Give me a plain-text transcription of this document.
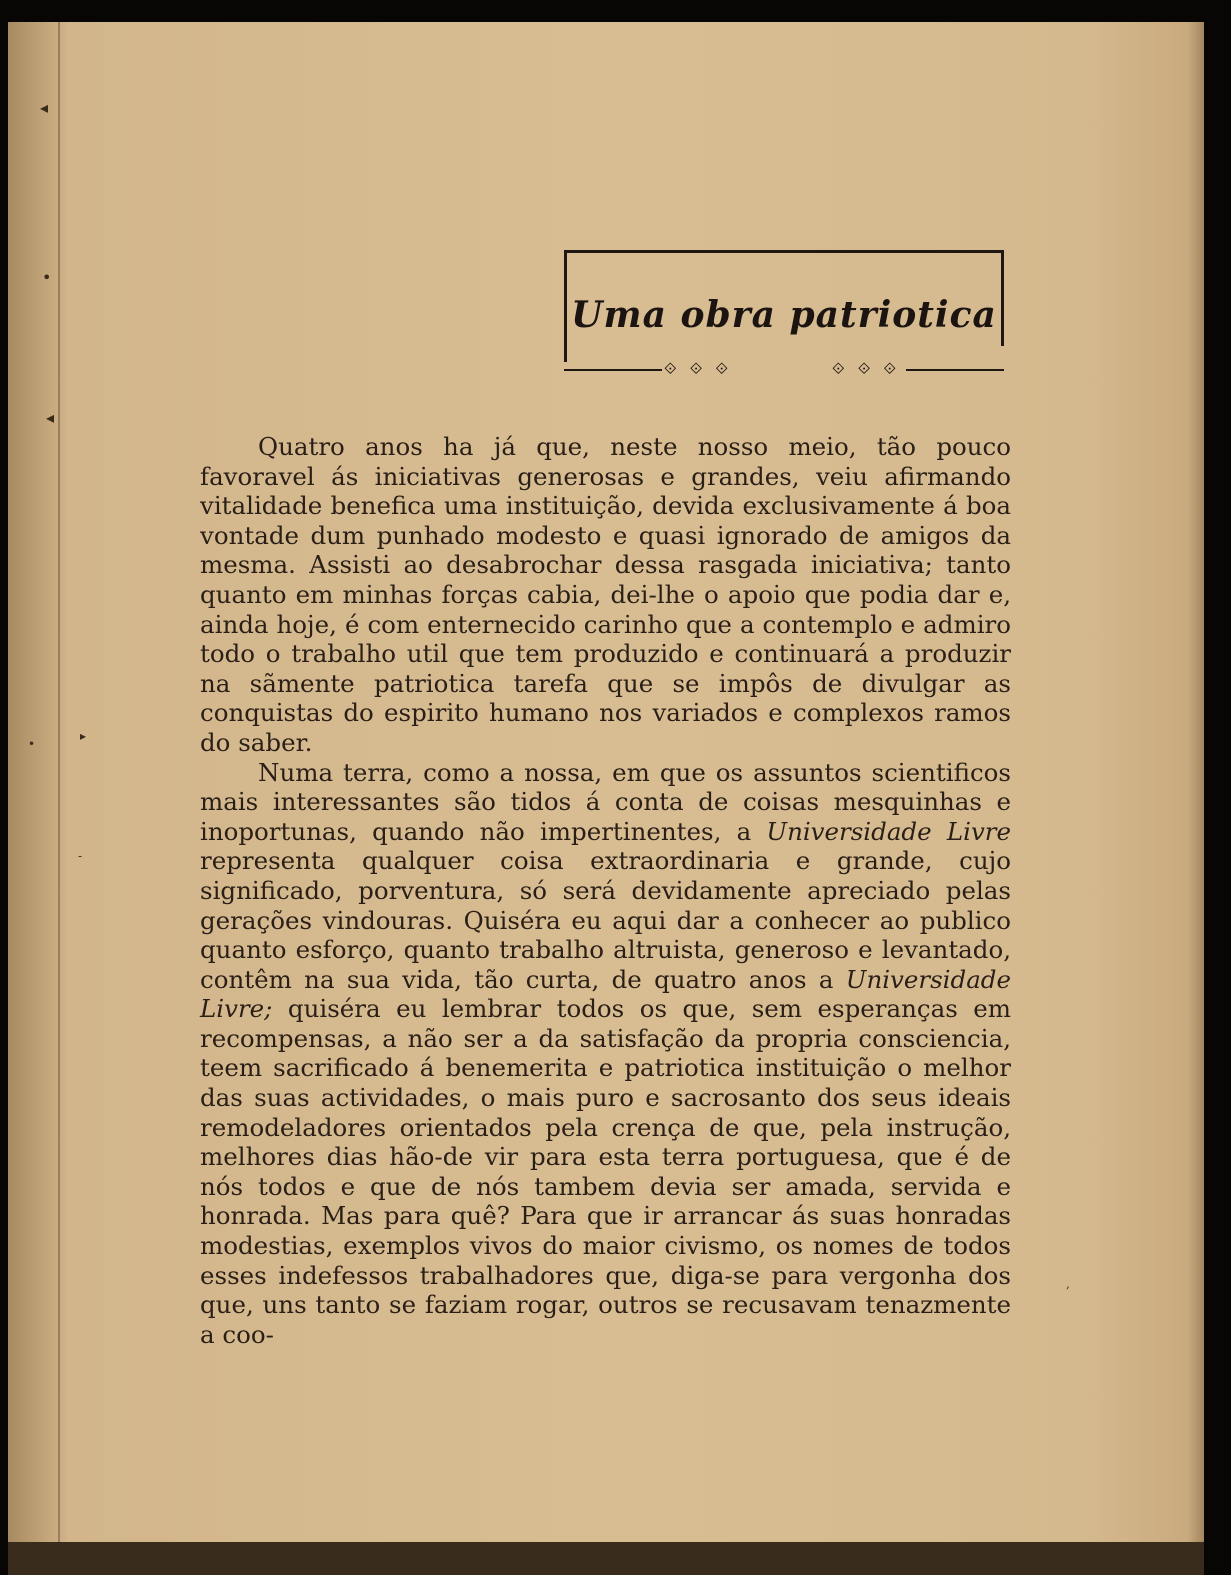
◂
•
◂
▸
•
-
,
Uma obra patriotica
⟐ ⟐ ⟐	⟐ ⟐ ⟐

Quatro anos ha já que, neste nosso meio, tão pouco favoravel ás iniciativas generosas e grandes, veiu afirmando vitalidade benefica uma instituição, devida exclusivamente á boa vontade dum punhado modesto e quasi ignorado de amigos da mesma. Assisti ao desabrochar dessa rasgada iniciativa; tanto quanto em minhas forças cabia, dei-lhe o apoio que podia dar e, ainda hoje, é com enternecido carinho que a contemplo e admiro todo o trabalho util que tem produzido e continuará a produzir na sãmente patriotica tarefa que se impôs de divulgar as conquistas do espirito humano nos variados e complexos ramos do saber.

Numa terra, como a nossa, em que os assuntos scientificos mais interessantes são tidos á conta de coisas mesquinhas e inoportunas, quando não impertinentes, a Universidade Livre representa qualquer coisa extraordinaria e grande, cujo significado, porventura, só será devidamente apreciado pelas gerações vindouras. Quiséra eu aqui dar a conhecer ao publico quanto esforço, quanto trabalho altruista, generoso e levantado, contêm na sua vida, tão curta, de quatro anos a Universidade Livre; quiséra eu lembrar todos os que, sem esperanças em recompensas, a não ser a da satisfação da propria consciencia, teem sacrificado á benemerita e patriotica instituição o melhor das suas actividades, o mais puro e sacrosanto dos seus ideais remodeladores orientados pela crença de que, pela instrução, melhores dias hão-de vir para esta terra portuguesa, que é de nós todos e que de nós tambem devia ser amada, servida e honrada. Mas para quê? Para que ir arrancar ás suas honradas modestias, exemplos vivos do maior civismo, os nomes de todos esses indefessos trabalhadores que, diga-se para vergonha dos que, uns tanto se faziam rogar, outros se recusavam tenazmente a coo-
